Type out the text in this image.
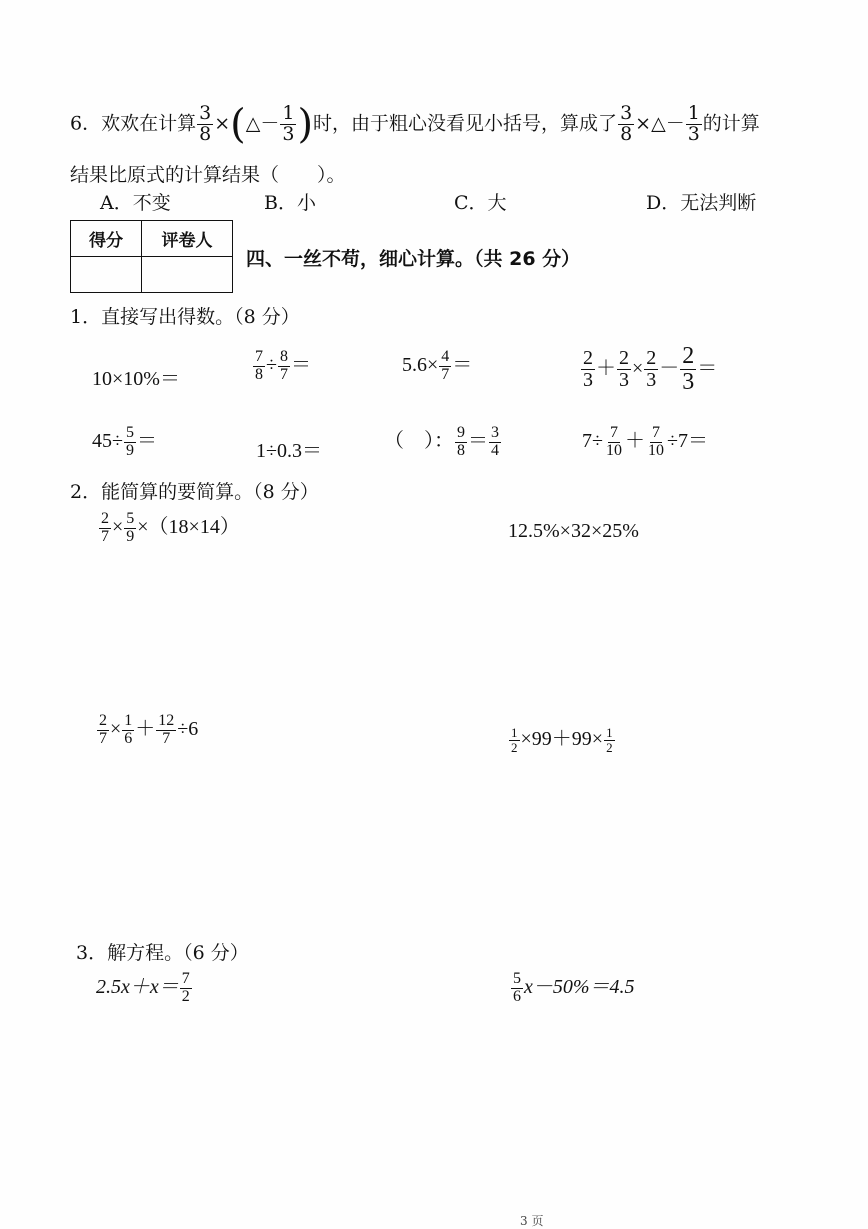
6．欢欢在计算 $\frac{3}{8}$ ×(△－ $\frac{1}{3}$ )时，由于粗心没看见小括号，算成了 $\frac{3}{8}$ ×△－ $\frac{1}{3}$ 的计算
结果比原式的计算结果（　　）。
A．不变	B．小	C．大	D．无法判断
得分	评卷人

四、一丝不苟，细心计算。（共 26 分）
1．直接写出得数。（8 分）
10×10%＝	$\frac{7}{8} \div \frac{8}{7}$ ＝	$5.6\times \frac{4}{7}$ ＝	$\frac{2}{3} + \frac{2}{3} \times \frac{2}{3} - \frac{2}{3}$ ＝
$45\div \frac{5}{9}$ ＝	1÷0.3＝	（　）： $\frac{9}{8} = \frac{3}{4}$	$7\div \frac{7}{10} + \frac{7}{10} \div 7=$
2．能简算的要简算。（8 分）
$\frac{2}{7} \times \frac{5}{9} \times(18\times 14)$	12.5%×32×25%
$\frac{2}{7} \times \frac{1}{6} + \frac{12}{7} \div 6$	$\frac{1}{2} \times 99+99\times \frac{1}{2}$
3．解方程。（6 分）
$2.5x+x= \frac{7}{2}$	$\frac{5}{6} x-50\%=4.5$
3 页
